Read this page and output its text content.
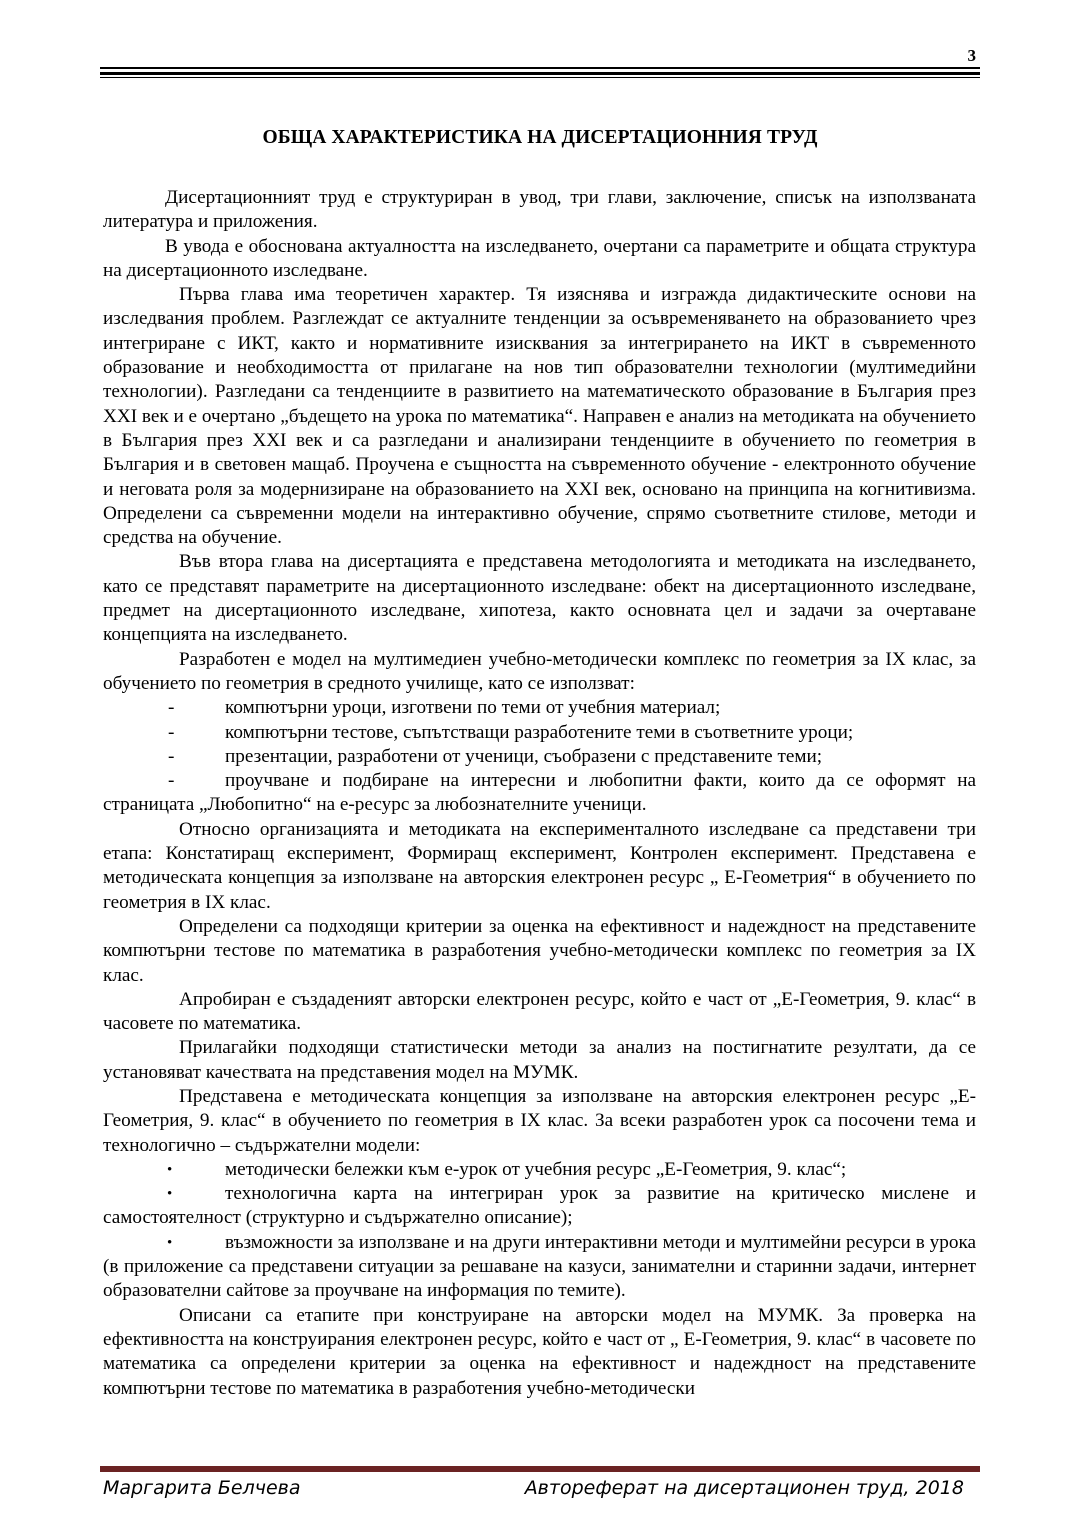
3
ОБЩА ХАРАКТЕРИСТИКА НА ДИСЕРТАЦИОННИЯ ТРУД

Дисертационният труд е структуриран в увод, три глави, заключение, списък на използваната литература и приложения.

В увода е обоснована актуалността на изследването, очертани са параметрите и общата структура на дисертационното изследване.

Първа глава има теоретичен характер. Тя изяснява и изгражда дидактическите основи на изследвания проблем. Разглеждат се актуалните тенденции за осъвременяването на образованието чрез интегриране с ИКТ, както и нормативните изисквания за интегрирането на ИКТ в съвременното образование и необходимостта от прилагане на нов тип образователни технологии (мултимедийни технологии). Разгледани са тенденциите в развитието на математическото образование в България през XXI век и е очертано „бъдещето на урока по математика“. Направен е анализ на методиката на обучението в България през XXI век и са разгледани и анализирани тенденциите в обучението по геометрия в България и в световен мащаб. Проучена е същността на съвременното обучение - електронното обучение и неговата роля за модернизиране на образованието на XXI век, основано на принципа на когнитивизма. Определени са съвременни модели на интерактивно обучение, спрямо съответните стилове, методи и средства на обучение.

Във втора глава на дисертацията е представена методологията и методиката на изследването, като се представят параметрите на дисертационното изследване: обект на дисертационното изследване, предмет на дисертационното изследване, хипотеза, както основната цел и задачи за очертаване концепцията на изследването.

Разработен е модел на мултимедиен учебно-методически комплекс по геометрия за IX клас, за обучението по геометрия в средното училище, като се използват:

-	компютърни уроци, изготвени по теми от учебния материал;

-	компютърни тестове, съпътстващи разработените теми в съответните уроци;

-	презентации, разработени от ученици, съобразени с представените теми;

-	проучване и подбиране на интересни и любопитни факти, които да се оформят на страницата „Любопитно“ на е-ресурс за любознателните ученици.

Относно организацията и методиката на експерименталното изследване са представени три етапа: Констатиращ експеримент, Формиращ експеримент, Контролен експеримент. Представена е методическата концепция за използване на авторския електронен ресурс „ Е-Геометрия“ в обучението по геометрия в IX клас.

Определени са подходящи критерии за оценка на ефективност и надеждност на представените компютърни тестове по математика в разработения учебно-методически комплекс по геометрия за IX клас.

Апробиран е създаденият авторски електронен ресурс, който е част от „Е-Геометрия, 9. клас“ в часовете по математика.

Прилагайки подходящи статистически методи за анализ на постигнатите резултати, да се установяват качествата на представения модел на МУМК.

Представена е методическата концепция за използване на авторския електронен ресурс „Е-Геометрия, 9. клас“ в обучението по геометрия в IX клас. За всеки разработен урок са посочени тема и технологично – съдържателни модели:

•	методически бележки към е-урок от учебния ресурс „Е-Геометрия, 9. клас“;

•	технологична карта на интегриран урок за развитие на критическо мислене и самостоятелност (структурно и съдържателно описание);

•	възможности за използване и на други интерактивни методи и мултимейни ресурси в урока (в приложение са представени ситуации за решаване на казуси, занимателни и старинни задачи, интернет образователни сайтове за проучване на информация по темите).

Описани са етапите при конструиране на авторски модел на МУМК. За проверка на ефективността на конструирания електронен ресурс, който е част от „ Е-Геометрия, 9. клас“ в часовете по математика са определени критерии за оценка на ефективност и надеждност на представените компютърни тестове по математика в разработения учебно-методически

Маргарита Белчева	Автореферат на дисертационен труд, 2018
